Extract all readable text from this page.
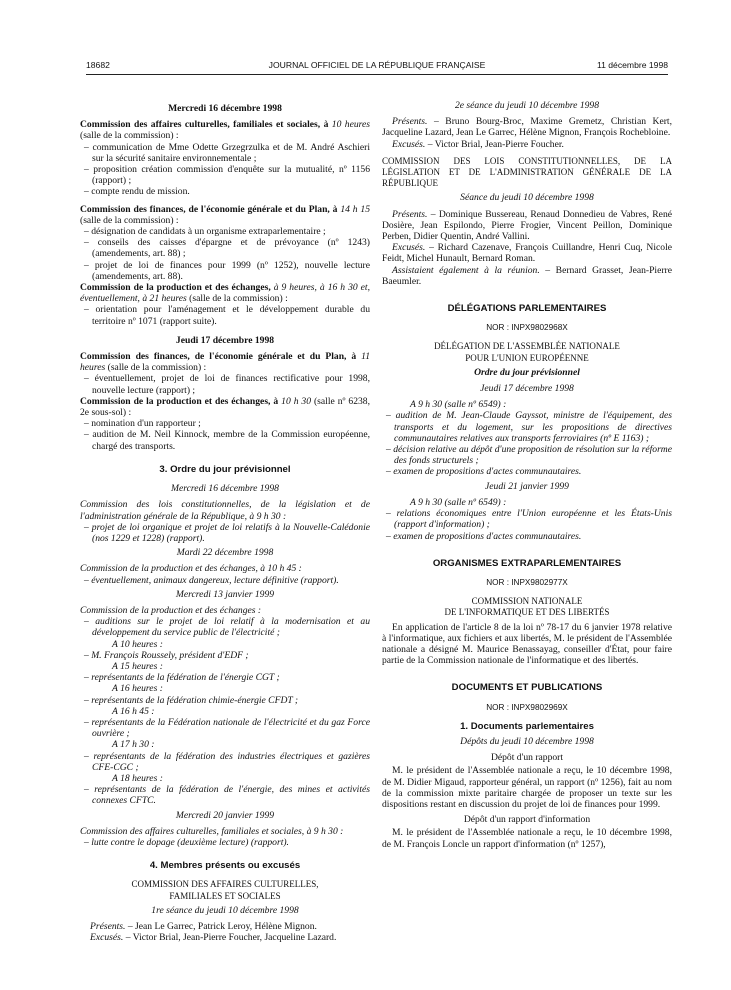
18682	JOURNAL OFFICIEL DE LA RÉPUBLIQUE FRANÇAISE	11 décembre 1998
Mercredi 16 décembre 1998

Commission des affaires culturelles, familiales et sociales, à 10 heures (salle de la commission) :

– communication de Mme Odette Grzegrzulka et de M. André Aschieri sur la sécurité sanitaire environnementale ;

– proposition création commission d'enquête sur la mutualité, nº 1156 (rapport) ;

– compte rendu de mission.

Commission des finances, de l'économie générale et du Plan, à 14 h 15 (salle de la commission) :

– désignation de candidats à un organisme extraparlementaire ;

– conseils des caisses d'épargne et de prévoyance (nº 1243) (amendements, art. 88) ;

– projet de loi de finances pour 1999 (nº 1252), nouvelle lecture (amendements, art. 88).

Commission de la production et des échanges, à 9 heures, à 16 h 30 et, éventuellement, à 21 heures (salle de la commission) :

– orientation pour l'aménagement et le développement durable du territoire nº 1071 (rapport suite).

Jeudi 17 décembre 1998

Commission des finances, de l'économie générale et du Plan, à 11 heures (salle de la commission) :

– éventuellement, projet de loi de finances rectificative pour 1998, nouvelle lecture (rapport) ;

Commission de la production et des échanges, à 10 h 30 (salle nº 6238, 2e sous-sol) :

– nomination d'un rapporteur ;

– audition de M. Neil Kinnock, membre de la Commission européenne, chargé des transports.

3. Ordre du jour prévisionnel
Mercredi 16 décembre 1998

Commission des lois constitutionnelles, de la législation et de l'administration générale de la République, à 9 h 30 :

– projet de loi organique et projet de loi relatifs à la Nouvelle-Calédonie (nos 1229 et 1228) (rapport).

Mardi 22 décembre 1998

Commission de la production et des échanges, à 10 h 45 :

– éventuellement, animaux dangereux, lecture définitive (rapport).

Mercredi 13 janvier 1999

Commission de la production et des échanges :

– auditions sur le projet de loi relatif à la modernisation et au développement du service public de l'électricité ;

A 10 heures :

– M. François Roussely, président d'EDF ;

A 15 heures :

– représentants de la fédération de l'énergie CGT ;

A 16 heures :

– représentants de la fédération chimie-énergie CFDT ;

A 16 h 45 :

– représentants de la Fédération nationale de l'électricité et du gaz Force ouvrière ;

A 17 h 30 :

– représentants de la fédération des industries électriques et gazières CFE-CGC ;

A 18 heures :

– représentants de la fédération de l'énergie, des mines et activités connexes CFTC.

Mercredi 20 janvier 1999

Commission des affaires culturelles, familiales et sociales, à 9 h 30 :

– lutte contre le dopage (deuxième lecture) (rapport).

4. Membres présents ou excusés

COMMISSION DES AFFAIRES CULTURELLES,

FAMILIALES ET SOCIALES

1re séance du jeudi 10 décembre 1998

Présents. – Jean Le Garrec, Patrick Leroy, Hélène Mignon.

Excusés. – Victor Brial, Jean-Pierre Foucher, Jacqueline Lazard.

2e séance du jeudi 10 décembre 1998

Présents. – Bruno Bourg-Broc, Maxime Gremetz, Christian Kert, Jacqueline Lazard, Jean Le Garrec, Hélène Mignon, François Rochebloine.

Excusés. – Victor Brial, Jean-Pierre Foucher.

COMMISSION DES LOIS CONSTITUTIONNELLES, DE LA LÉGISLATION ET DE L'ADMINISTRATION GÉNÉRALE DE LA RÉPUBLIQUE

Séance du jeudi 10 décembre 1998

Présents. – Dominique Bussereau, Renaud Donnedieu de Vabres, René Dosière, Jean Espilondo, Pierre Frogier, Vincent Peillon, Dominique Perben, Didier Quentin, André Vallini.

Excusés. – Richard Cazenave, François Cuillandre, Henri Cuq, Nicole Feidt, Michel Hunault, Bernard Roman.

Assistaient également à la réunion. – Bernard Grasset, Jean-Pierre Baeumler.

DÉLÉGATIONS PARLEMENTAIRES
NOR : INPX9802968X

DÉLÉGATION DE L'ASSEMBLÉE NATIONALE

POUR L'UNION EUROPÉENNE

Ordre du jour prévisionnel
Jeudi 17 décembre 1998

A 9 h 30 (salle nº 6549) :

– audition de M. Jean-Claude Gayssot, ministre de l'équipement, des transports et du logement, sur les propositions de directives communautaires relatives aux transports ferroviaires (nº E 1163) ;

– décision relative au dépôt d'une proposition de résolution sur la réforme des fonds structurels ;

– examen de propositions d'actes communautaires.

Jeudi 21 janvier 1999

A 9 h 30 (salle nº 6549) :

– relations économiques entre l'Union européenne et les États-Unis (rapport d'information) ;

– examen de propositions d'actes communautaires.

ORGANISMES EXTRAPARLEMENTAIRES
NOR : INPX9802977X

COMMISSION NATIONALE

DE L'INFORMATIQUE ET DES LIBERTÉS

En application de l'article 8 de la loi nº 78-17 du 6 janvier 1978 relative à l'informatique, aux fichiers et aux libertés, M. le président de l'Assemblée nationale a désigné M. Maurice Benassayag, conseiller d'État, pour faire partie de la Commission nationale de l'informatique et des libertés.

DOCUMENTS ET PUBLICATIONS
NOR : INPX9802969X
1. Documents parlementaires
Dépôts du jeudi 10 décembre 1998
Dépôt d'un rapport

M. le président de l'Assemblée nationale a reçu, le 10 décembre 1998, de M. Didier Migaud, rapporteur général, un rapport (nº 1256), fait au nom de la commission mixte paritaire chargée de proposer un texte sur les dispositions restant en discussion du projet de loi de finances pour 1999.

Dépôt d'un rapport d'information

M. le président de l'Assemblée nationale a reçu, le 10 décembre 1998, de M. François Loncle un rapport d'information (nº 1257),
